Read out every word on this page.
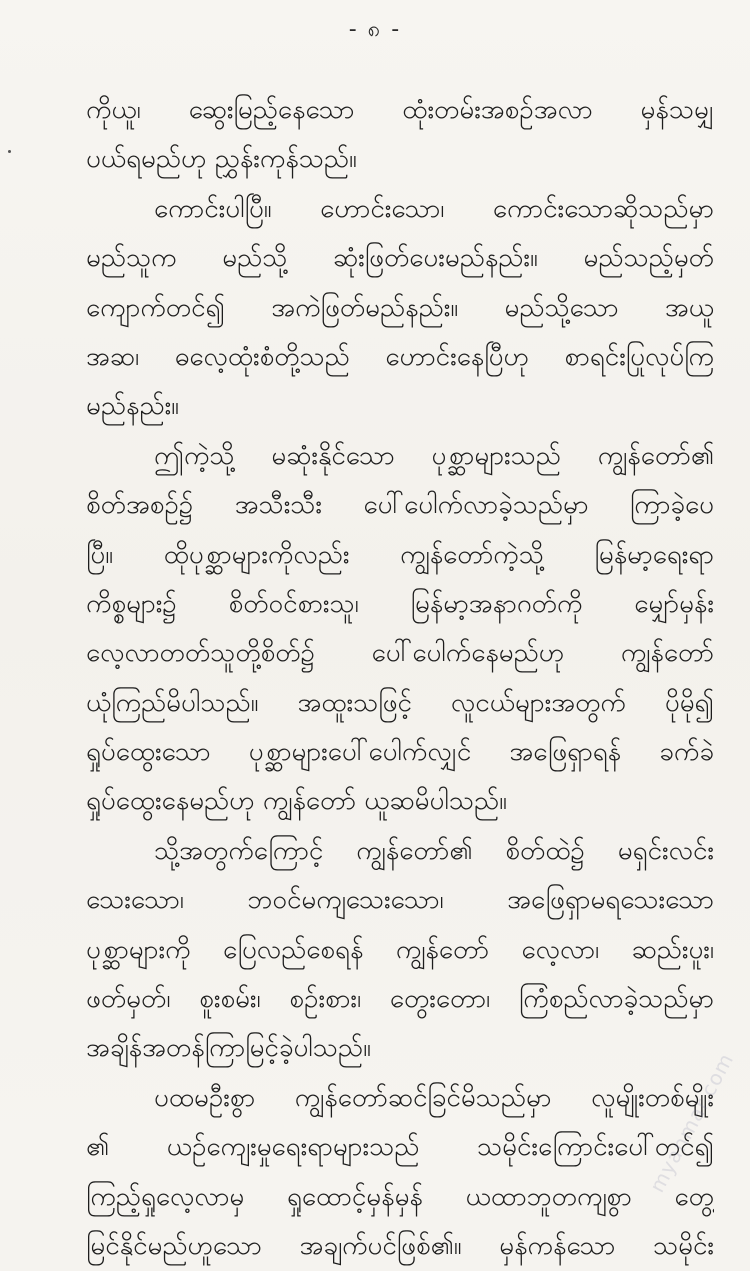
- ၈ -
ကိုယူ၊ ဆွေးမြည့်နေသော ထုံးတမ်းအစဉ်အလာ မှန်သမျှ
ပယ်ရမည်ဟု ညွှန်းကုန်သည်။
ကောင်းပါပြီ။ ဟောင်းသော၊ ကောင်းသောဆိုသည်မှာ
မည်သူက မည်သို့ ဆုံးဖြတ်ပေးမည်နည်း။ မည်သည့်မှတ်
ကျောက်တင်၍ အကဲဖြတ်မည်နည်း။ မည်သို့သော အယူ
အဆ၊ ဓလေ့ထုံးစံတို့သည် ဟောင်းနေပြီဟု စာရင်းပြုလုပ်ကြ
မည်နည်း။
ဤကဲ့သို့ မဆုံးနိုင်သော ပုစ္ဆာများသည် ကျွန်တော်၏
စိတ်အစဉ်၌ အသီးသီး ပေါ်ပေါက်လာခဲ့သည်မှာ ကြာခဲ့ပေ
ပြီ။ ထိုပုစ္ဆာများကိုလည်း ကျွန်တော်ကဲ့သို့ မြန်မာ့ရေးရာ
ကိစ္စများ၌ စိတ်ဝင်စားသူ၊ မြန်မာ့အနာဂတ်ကို မျှော်မှန်း
လေ့လာတတ်သူတို့စိတ်၌ ပေါ်ပေါက်နေမည်ဟု ကျွန်တော်
ယုံကြည်မိပါသည်။ အထူးသဖြင့် လူငယ်များအတွက် ပိုမို၍
ရှုပ်ထွေးသော ပုစ္ဆာများပေါ်ပေါက်လျှင် အဖြေရှာရန် ခက်ခဲ
ရှုပ်ထွေးနေမည်ဟု ကျွန်တော် ယူဆမိပါသည်။
သို့အတွက်ကြောင့် ကျွန်တော်၏ စိတ်ထဲ၌ မရှင်းလင်း
သေးသော၊ ဘဝင်မကျသေးသော၊ အဖြေရှာမရသေးသော
ပုစ္ဆာများကို ပြေလည်စေရန် ကျွန်တော် လေ့လာ၊ ဆည်းပူး၊
ဖတ်မှတ်၊ စူးစမ်း၊ စဉ်းစား၊ တွေးတော၊ ကြံစည်လာခဲ့သည်မှာ
အချိန်အတန်ကြာမြင့်ခဲ့ပါသည်။
ပထမဦးစွာ ကျွန်တော်ဆင်ခြင်မိသည်မှာ လူမျိုးတစ်မျိုး
၏ ယဉ်ကျေးမှုရေးရာများသည် သမိုင်းကြောင်းပေါ်တင်၍
ကြည့်ရှုလေ့လာမှ ရှုထောင့်မှန်မှန် ယထာဘူတကျစွာ တွေ့
မြင်နိုင်မည်ဟူသော အချက်ပင်ဖြစ်၏။ မှန်ကန်သော သမိုင်း
myanmar.com
